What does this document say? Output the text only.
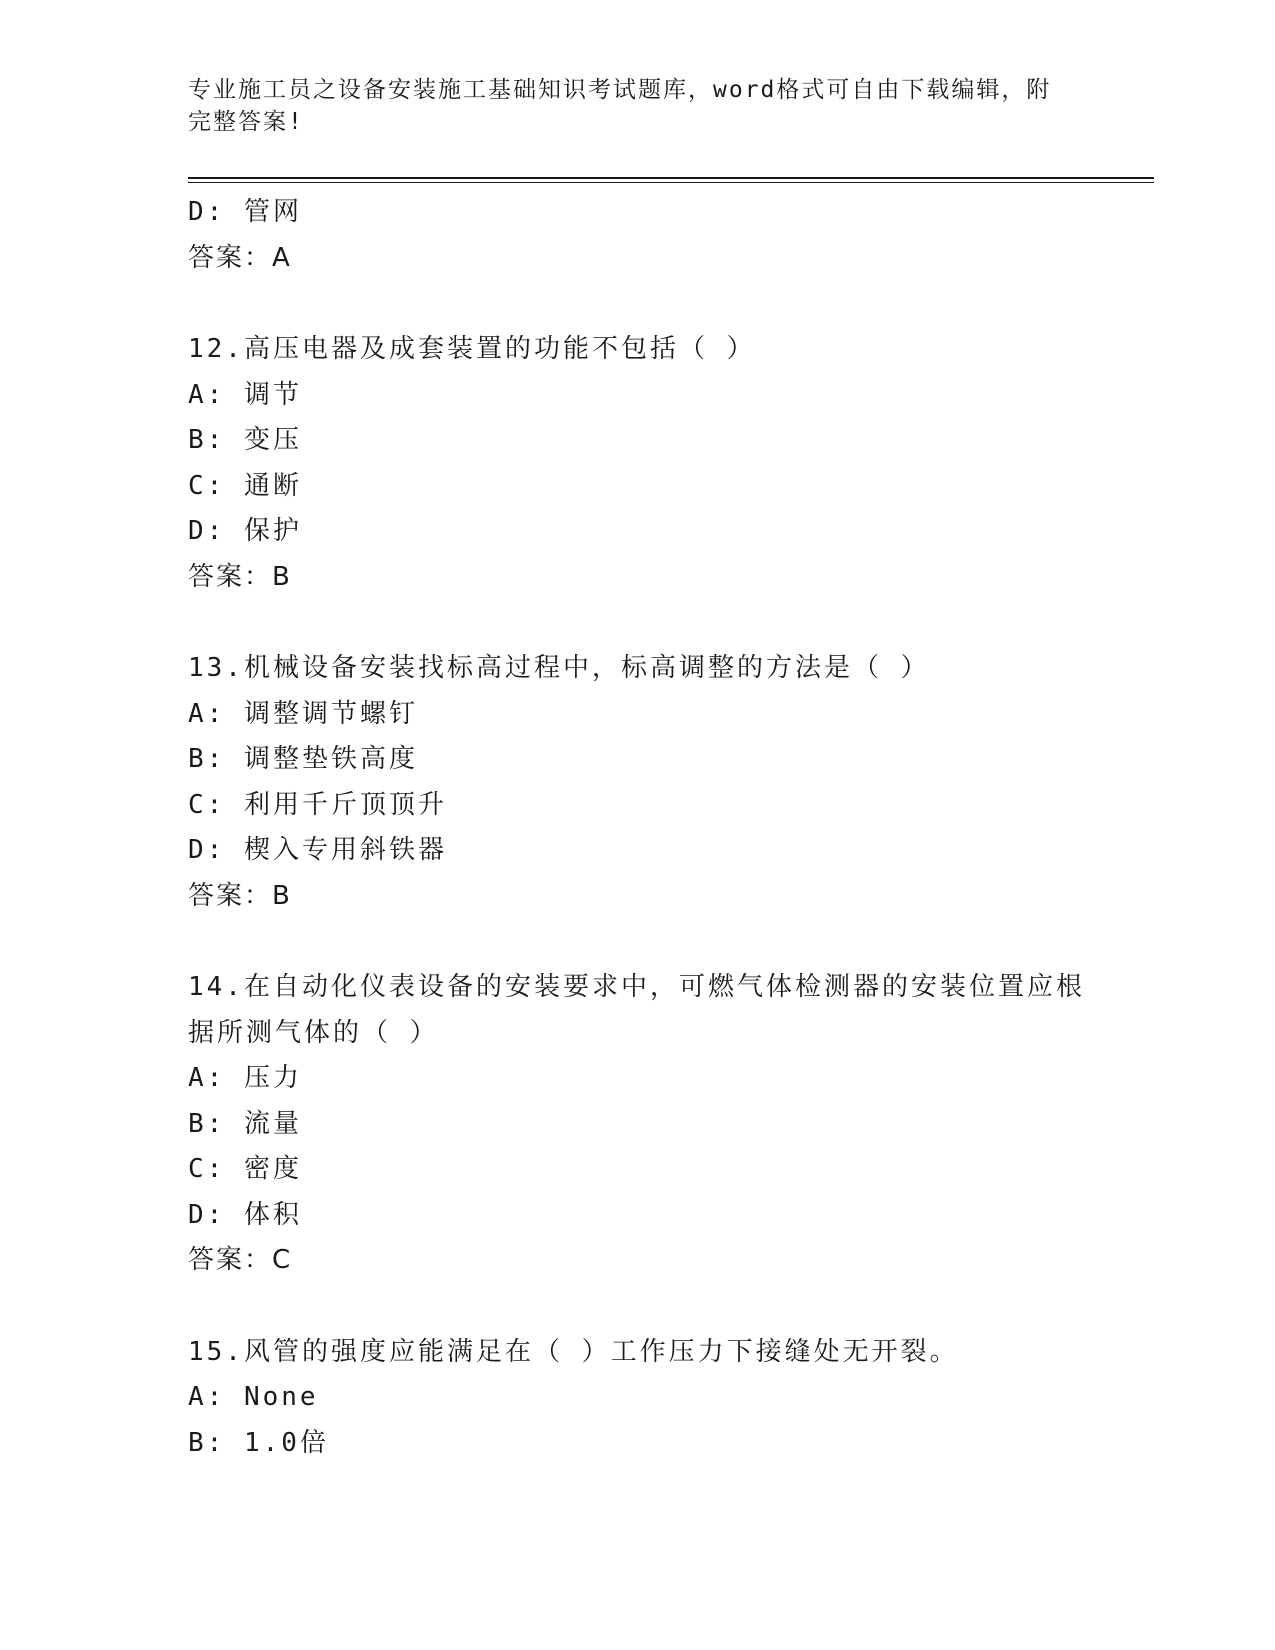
专业施工员之设备安装施工基础知识考试题库，word格式可自由下载编辑，附完整答案!
D: 管网
答案：A
12.高压电器及成套装置的功能不包括（ ）
A: 调节
B: 变压
C: 通断
D: 保护
答案：B
13.机械设备安装找标高过程中，标高调整的方法是（ ）
A: 调整调节螺钉
B: 调整垫铁高度
C: 利用千斤顶顶升
D: 楔入专用斜铁器
答案：B
14.在自动化仪表设备的安装要求中，可燃气体检测器的安装位置应根据所测气体的（ ）
A: 压力
B: 流量
C: 密度
D: 体积
答案：C
15.风管的强度应能满足在（ ）工作压力下接缝处无开裂。
A: None
B: 1.0倍
